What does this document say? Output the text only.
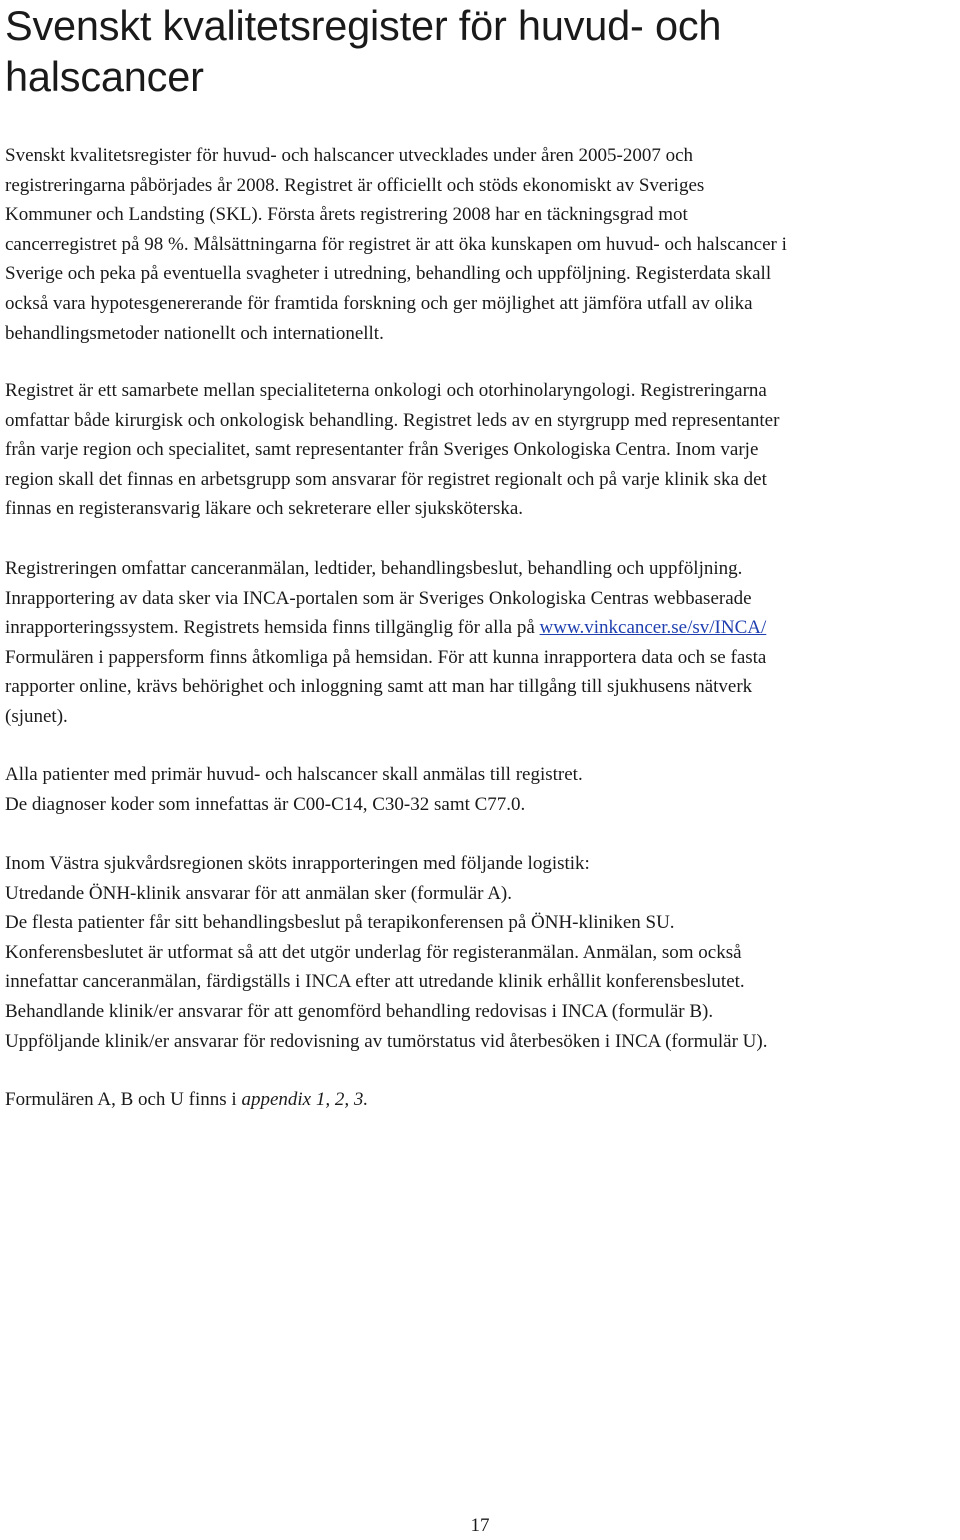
Svenskt kvalitetsregister för huvud- och
halscancer
Svenskt kvalitetsregister för huvud- och halscancer utvecklades under åren 2005-2007 och
registreringarna påbörjades år 2008. Registret är officiellt och stöds ekonomiskt av Sveriges
Kommuner och Landsting (SKL). Första årets registrering 2008 har en täckningsgrad mot
cancerregistret på 98 %. Målsättningarna för registret är att öka kunskapen om huvud- och halscancer i
Sverige och peka på eventuella svagheter i utredning, behandling och uppföljning. Registerdata skall
också vara hypotesgenererande för framtida forskning och ger möjlighet att jämföra utfall av olika
behandlingsmetoder nationellt och internationellt.
Registret är ett samarbete mellan specialiteterna onkologi och otorhinolaryngologi. Registreringarna
omfattar både kirurgisk och onkologisk behandling. Registret leds av en styrgrupp med representanter
från varje region och specialitet, samt representanter från Sveriges Onkologiska Centra. Inom varje
region skall det finnas en arbetsgrupp som ansvarar för registret regionalt och på varje klinik ska det
finnas en registeransvarig läkare och sekreterare eller sjuksköterska.
Registreringen omfattar canceranmälan, ledtider, behandlingsbeslut, behandling och uppföljning.
Inrapportering av data sker via INCA-portalen som är Sveriges Onkologiska Centras webbaserade
inrapporteringssystem. Registrets hemsida finns tillgänglig för alla på www.vinkcancer.se/sv/INCA/
Formulären i pappersform finns åtkomliga på hemsidan. För att kunna inrapportera data och se fasta
rapporter online, krävs behörighet och inloggning samt att man har tillgång till sjukhusens nätverk
(sjunet).
Alla patienter med primär huvud- och halscancer skall anmälas till registret.
De diagnoser koder som innefattas är C00-C14, C30-32 samt C77.0.
Inom Västra sjukvårdsregionen sköts inrapporteringen med följande logistik:
Utredande ÖNH-klinik ansvarar för att anmälan sker (formulär A).
De flesta patienter får sitt behandlingsbeslut på terapikonferensen på ÖNH-kliniken SU.
Konferensbeslutet är utformat så att det utgör underlag för registeranmälan. Anmälan, som också
innefattar canceranmälan, färdigställs i INCA efter att utredande klinik erhållit konferensbeslutet.
Behandlande klinik/er ansvarar för att genomförd behandling redovisas i INCA (formulär B).
Uppföljande klinik/er ansvarar för redovisning av tumörstatus vid återbesöken i INCA (formulär U).
Formulären A, B och U finns i appendix 1, 2, 3.
17
